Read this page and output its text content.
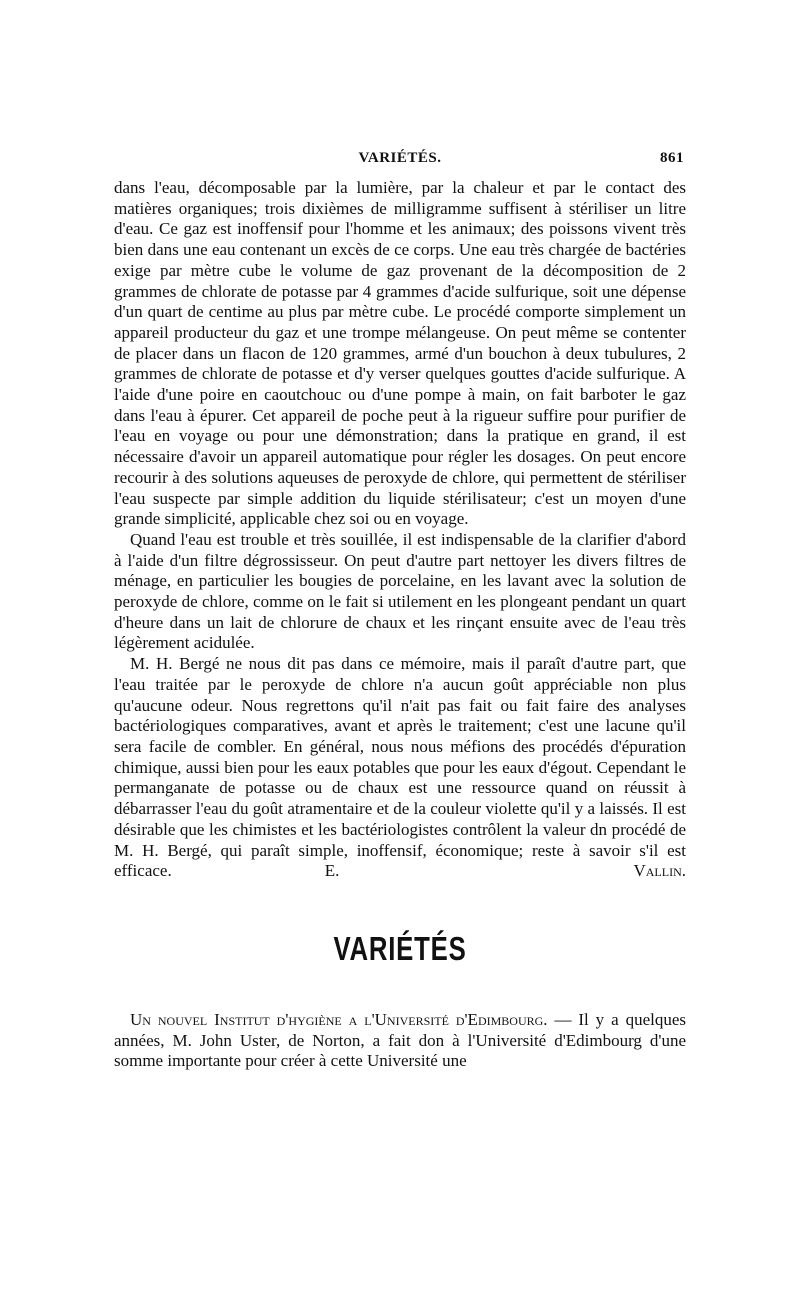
VARIÉTÉS.	861

dans l'eau, décomposable par la lumière, par la chaleur et par le contact des matières organiques; trois dixièmes de milligramme suffisent à stériliser un litre d'eau. Ce gaz est inoffensif pour l'homme et les animaux; des poissons vivent très bien dans une eau contenant un excès de ce corps. Une eau très chargée de bactéries exige par mètre cube le volume de gaz provenant de la décomposition de 2 grammes de chlorate de potasse par 4 grammes d'acide sulfurique, soit une dépense d'un quart de centime au plus par mètre cube. Le procédé comporte simplement un appareil producteur du gaz et une trompe mélangeuse. On peut même se contenter de placer dans un flacon de 120 grammes, armé d'un bouchon à deux tubulures, 2 grammes de chlorate de potasse et d'y verser quelques gouttes d'acide sulfurique. A l'aide d'une poire en caoutchouc ou d'une pompe à main, on fait barboter le gaz dans l'eau à épurer. Cet appareil de poche peut à la rigueur suffire pour purifier de l'eau en voyage ou pour une démonstration; dans la pratique en grand, il est nécessaire d'avoir un appareil automatique pour régler les dosages. On peut encore recourir à des solutions aqueuses de peroxyde de chlore, qui permettent de stériliser l'eau suspecte par simple addition du liquide stérilisateur; c'est un moyen d'une grande simplicité, applicable chez soi ou en voyage.

Quand l'eau est trouble et très souillée, il est indispensable de la clarifier d'abord à l'aide d'un filtre dégrossisseur. On peut d'autre part nettoyer les divers filtres de ménage, en particulier les bougies de porcelaine, en les lavant avec la solution de peroxyde de chlore, comme on le fait si utilement en les plongeant pendant un quart d'heure dans un lait de chlorure de chaux et les rinçant ensuite avec de l'eau très légèrement acidulée.

M. H. Bergé ne nous dit pas dans ce mémoire, mais il paraît d'autre part, que l'eau traitée par le peroxyde de chlore n'a aucun goût appréciable non plus qu'aucune odeur. Nous regrettons qu'il n'ait pas fait ou fait faire des analyses bactériologiques comparatives, avant et après le traitement; c'est une lacune qu'il sera facile de combler. En général, nous nous méfions des procédés d'épuration chimique, aussi bien pour les eaux potables que pour les eaux d'égout. Cependant le permanganate de potasse ou de chaux est une ressource quand on réussit à débarrasser l'eau du goût atramentaire et de la couleur violette qu'il y a laissés. Il est désirable que les chimistes et les bactériologistes contrôlent la valeur dn procédé de M. H. Bergé, qui paraît simple, inoffensif, économique; reste à savoir s'il est efficace.         	E. Vallin.

VARIÉTÉS

Un nouvel Institut d'hygiène a l'Université d'Edimbourg. — Il y a quelques années, M. John Uster, de Norton, a fait don à l'Université d'Edimbourg d'une somme importante pour créer à cette Université une
